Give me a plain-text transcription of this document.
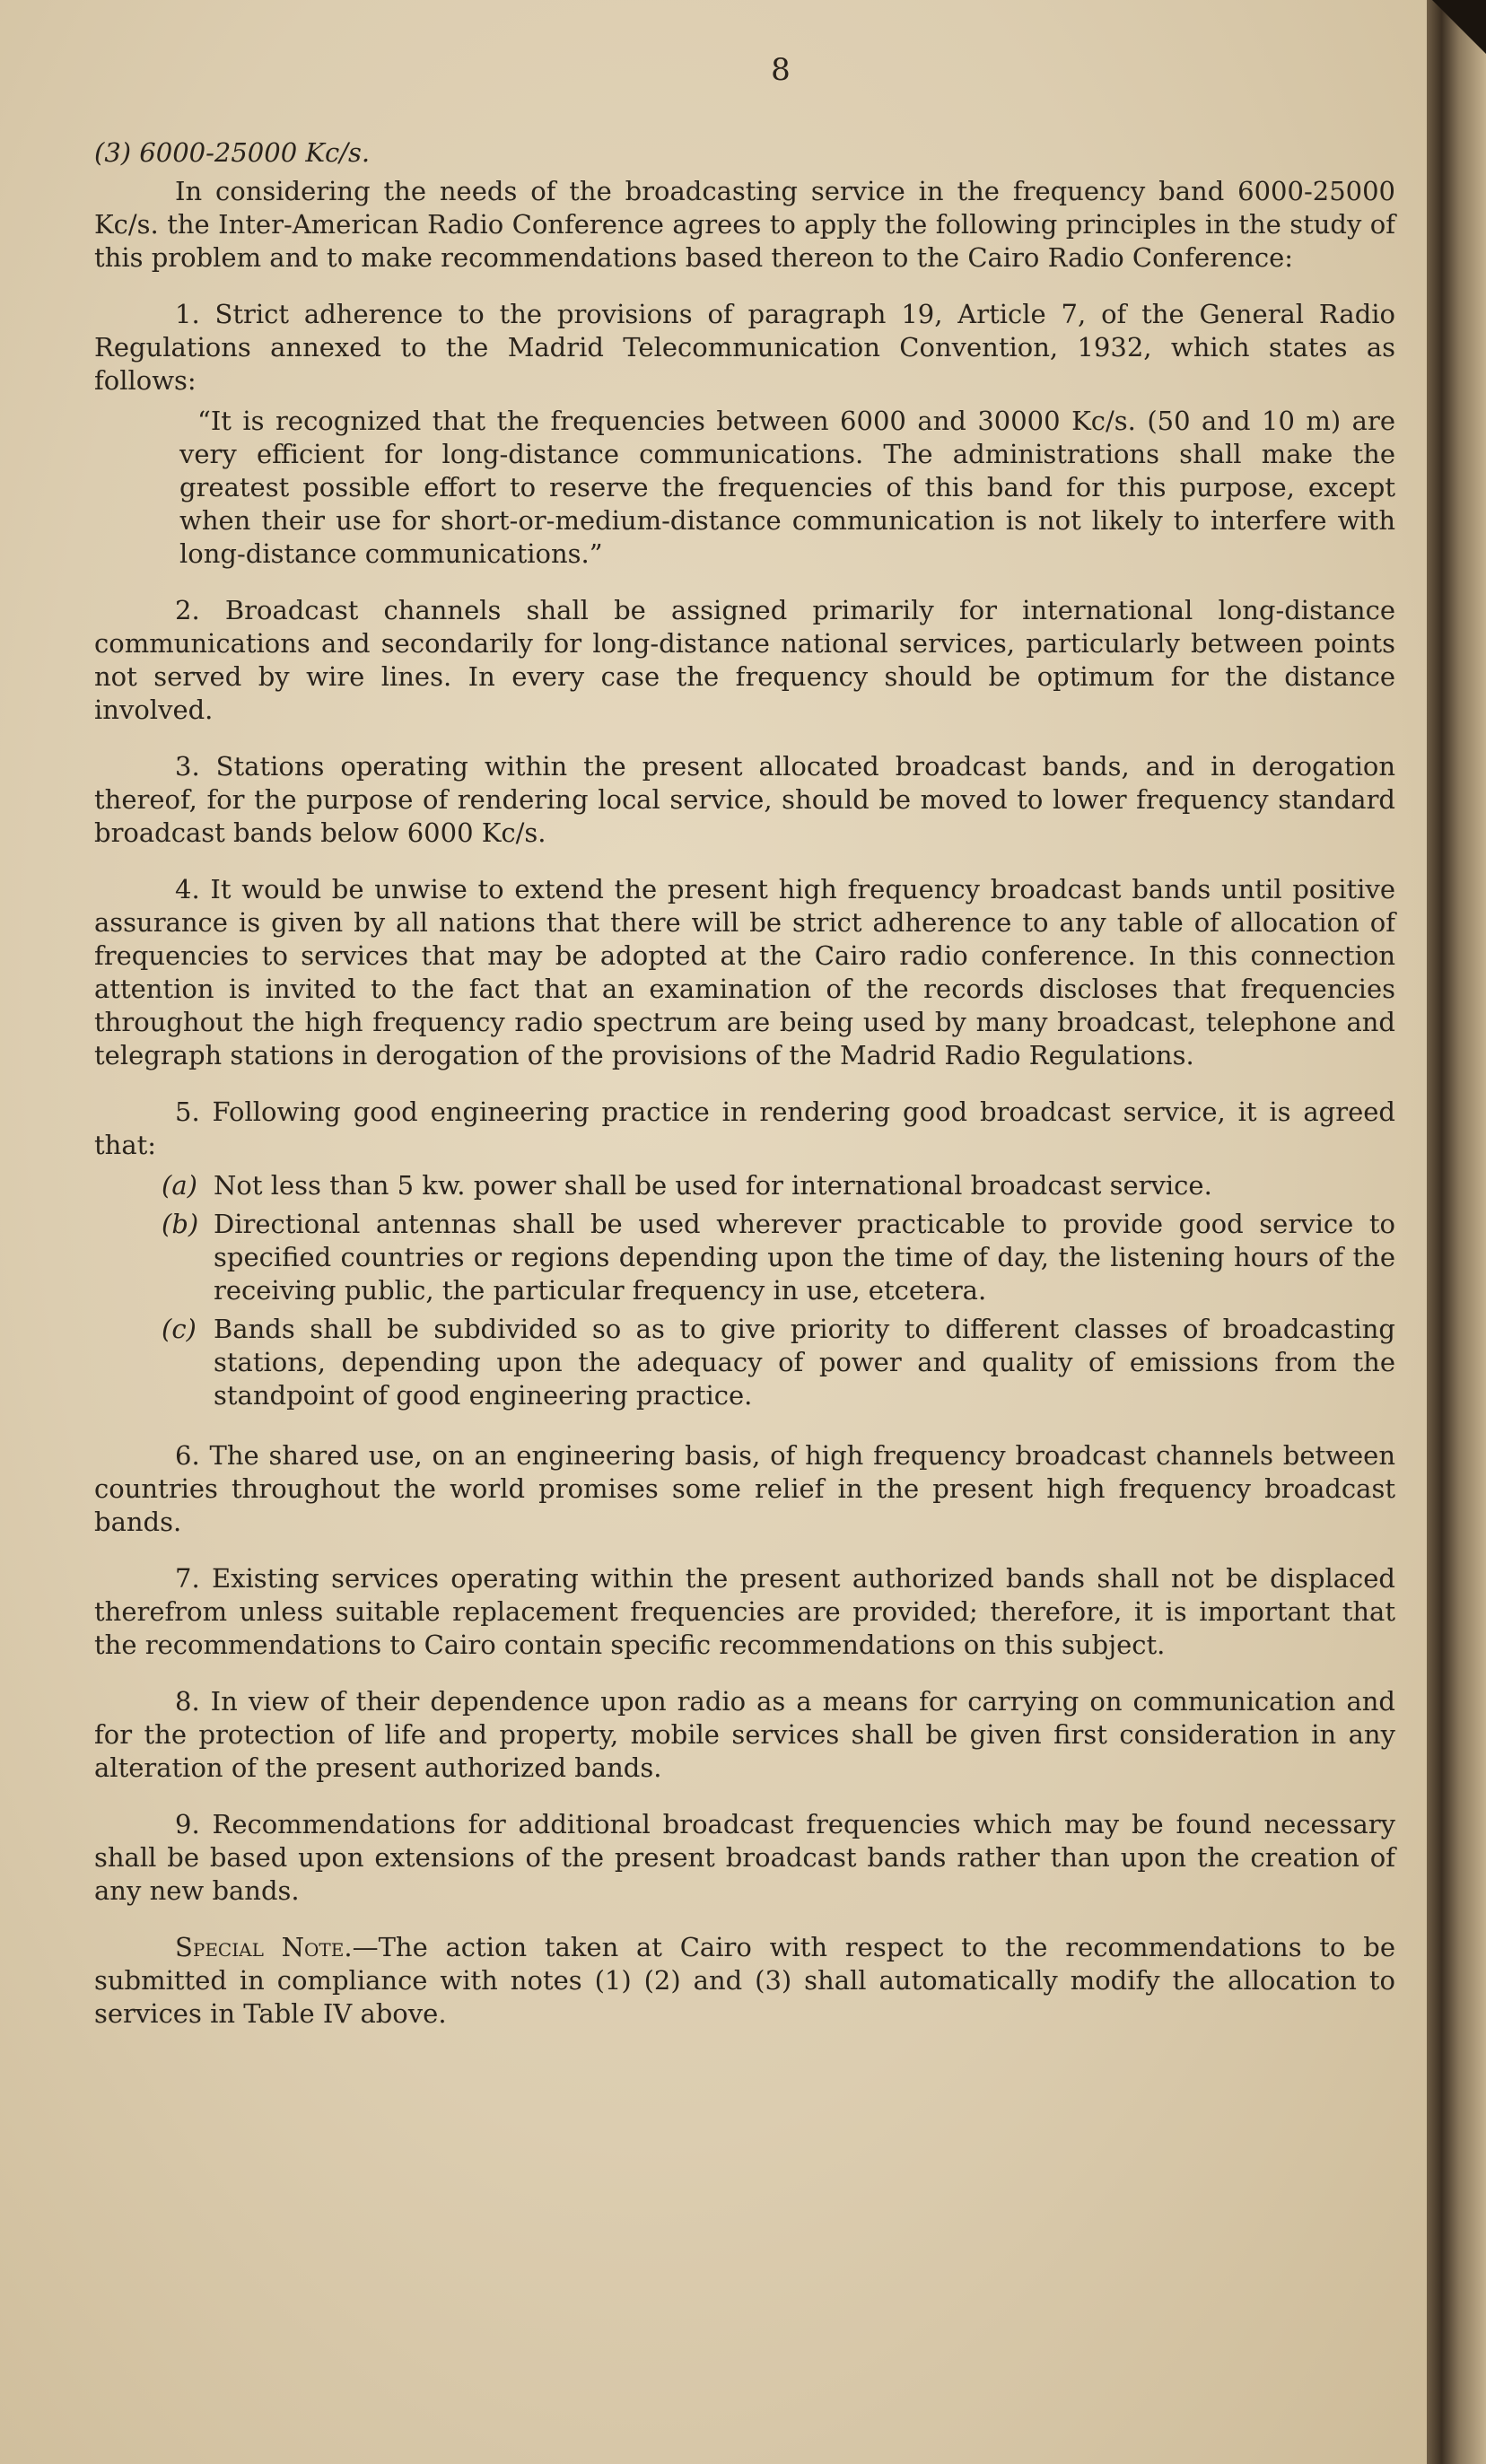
8
(3) 6000-25000 Kc/s.

In considering the needs of the broadcasting service in the frequency band 6000-25000 Kc/s. the Inter-American Radio Conference agrees to apply the following principles in the study of this problem and to make recommendations based thereon to the Cairo Radio Conference:

1. Strict adherence to the provisions of paragraph 19, Article 7, of the General Radio Regulations annexed to the Madrid Telecommunication Convention, 1932, which states as follows:

“It is recognized that the frequencies between 6000 and 30000 Kc/s. (50 and 10 m) are very efficient for long-distance communications. The administrations shall make the greatest possible effort to reserve the frequencies of this band for this purpose, except when their use for short-or-medium-distance communication is not likely to interfere with long-distance communications.”

2. Broadcast channels shall be assigned primarily for international long-distance communications and secondarily for long-distance national services, particularly between points not served by wire lines. In every case the frequency should be optimum for the distance involved.

3. Stations operating within the present allocated broadcast bands, and in derogation thereof, for the purpose of rendering local service, should be moved to lower frequency standard broadcast bands below 6000 Kc/s.

4. It would be unwise to extend the present high frequency broadcast bands until positive assurance is given by all nations that there will be strict adherence to any table of allocation of frequencies to services that may be adopted at the Cairo radio conference. In this connection attention is invited to the fact that an examination of the records discloses that frequencies throughout the high frequency radio spectrum are being used by many broadcast, telephone and telegraph stations in derogation of the provisions of the Madrid Radio Regulations.

5. Following good engineering practice in rendering good broadcast service, it is agreed that:

(a) Not less than 5 kw. power shall be used for international broadcast service.
(b) Directional antennas shall be used wherever practicable to provide good service to specified countries or regions depending upon the time of day, the listening hours of the receiving public, the particular frequency in use, etcetera.
(c) Bands shall be subdivided so as to give priority to different classes of broadcasting stations, depending upon the adequacy of power and quality of emissions from the standpoint of good engineering practice.

6. The shared use, on an engineering basis, of high frequency broadcast channels between countries throughout the world promises some relief in the present high frequency broadcast bands.

7. Existing services operating within the present authorized bands shall not be displaced therefrom unless suitable replacement frequencies are provided; therefore, it is important that the recommendations to Cairo contain specific recommendations on this subject.

8. In view of their dependence upon radio as a means for carrying on communication and for the protection of life and property, mobile services shall be given first consideration in any alteration of the present authorized bands.

9. Recommendations for additional broadcast frequencies which may be found necessary shall be based upon extensions of the present broadcast bands rather than upon the creation of any new bands.

Special Note.—The action taken at Cairo with respect to the recommendations to be submitted in compliance with notes (1) (2) and (3) shall automatically modify the allocation to services in Table IV above.
